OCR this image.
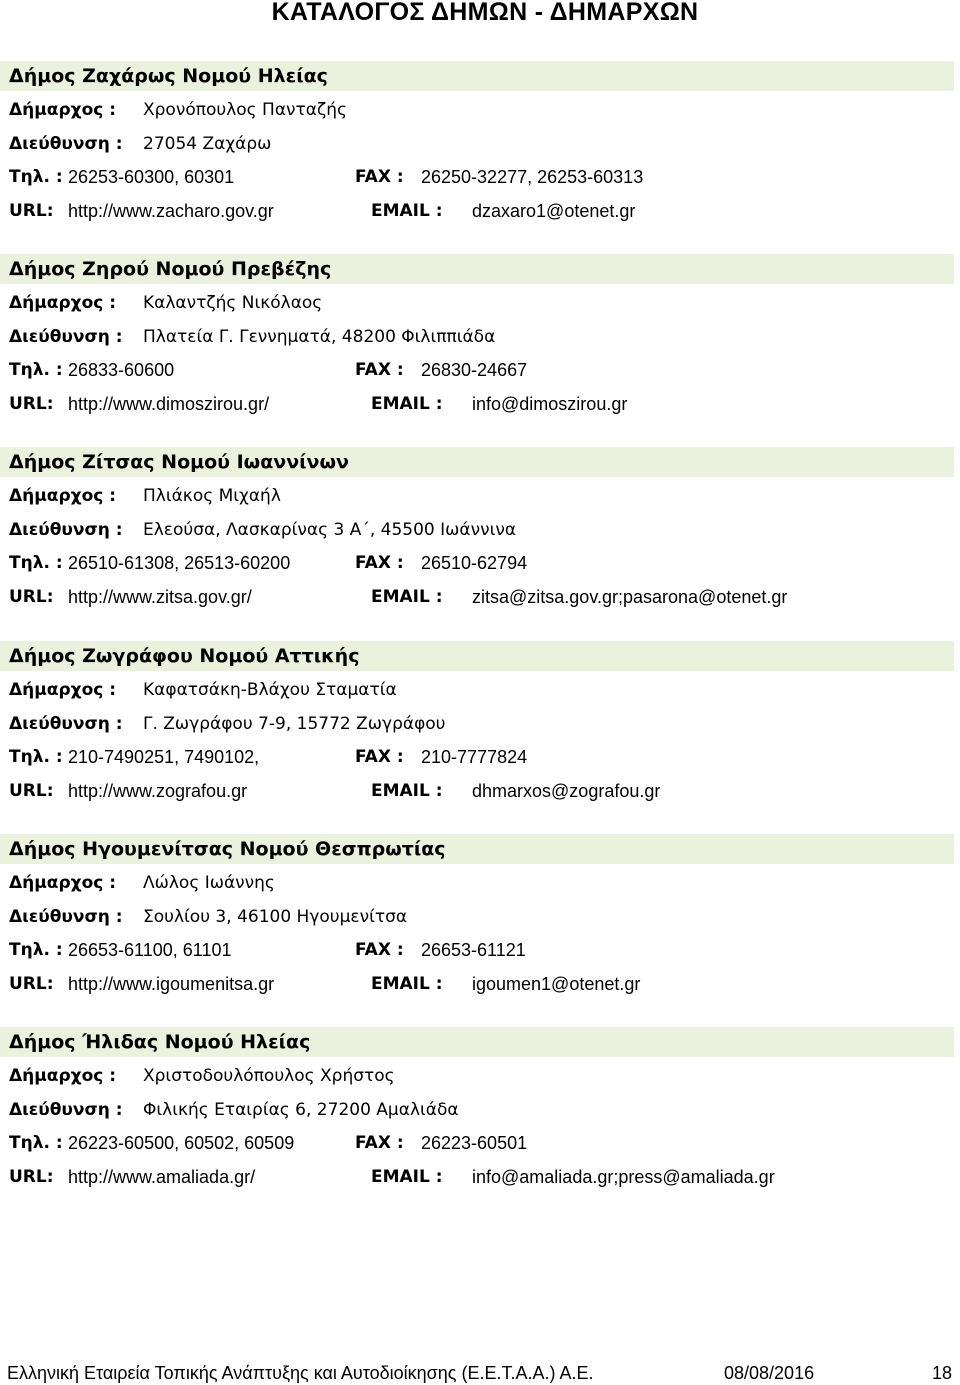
ΚΑΤΑΛΟΓΟΣ ΔΗΜΩΝ - ΔΗΜΑΡΧΩΝ
Δήμος Ζαχάρως Νομού Ηλείας
Δήμαρχος : Χρονόπουλος Πανταζής
Διεύθυνση : 27054 Ζαχάρω
Τηλ. : 26253-60300, 60301	FAX : 26250-32277, 26253-60313
URL: http://www.zacharo.gov.gr	EMAIL : dzaxaro1@otenet.gr
Δήμος Ζηρού Νομού Πρεβέζης
Δήμαρχος : Καλαντζής Νικόλαος
Διεύθυνση : Πλατεία Γ. Γεννηματά, 48200 Φιλιππιάδα
Τηλ. : 26833-60600	FAX : 26830-24667
URL: http://www.dimoszirou.gr/	EMAIL : info@dimoszirou.gr
Δήμος Ζίτσας Νομού Ιωαννίνων
Δήμαρχος : Πλιάκος Μιχαήλ
Διεύθυνση : Ελεούσα, Λασκαρίνας 3 Α΄, 45500 Ιωάννινα
Τηλ. : 26510-61308, 26513-60200	FAX : 26510-62794
URL: http://www.zitsa.gov.gr/	EMAIL : zitsa@zitsa.gov.gr;pasarona@otenet.gr
Δήμος Ζωγράφου Νομού Αττικής
Δήμαρχος : Καφατσάκη-Βλάχου Σταματία
Διεύθυνση : Γ. Ζωγράφου 7-9, 15772 Ζωγράφου
Τηλ. : 210-7490251, 7490102,	FAX : 210-7777824
URL: http://www.zografou.gr	EMAIL : dhmarxos@zografou.gr
Δήμος Ηγουμενίτσας Νομού Θεσπρωτίας
Δήμαρχος : Λώλος Ιωάννης
Διεύθυνση : Σουλίου 3, 46100 Ηγουμενίτσα
Τηλ. : 26653-61100, 61101	FAX : 26653-61121
URL: http://www.igoumenitsa.gr	EMAIL : igoumen1@otenet.gr
Δήμος Ήλιδας Νομού Ηλείας
Δήμαρχος : Χριστοδουλόπουλος Χρήστος
Διεύθυνση : Φιλικής Εταιρίας 6, 27200 Αμαλιάδα
Τηλ. : 26223-60500, 60502, 60509	FAX : 26223-60501
URL: http://www.amaliada.gr/	EMAIL : info@amaliada.gr;press@amaliada.gr
Ελληνική Εταιρεία Τοπικής Ανάπτυξης και Αυτοδιοίκησης (Ε.Ε.Τ.Α.Α.) Α.Ε.	08/08/2016	18
